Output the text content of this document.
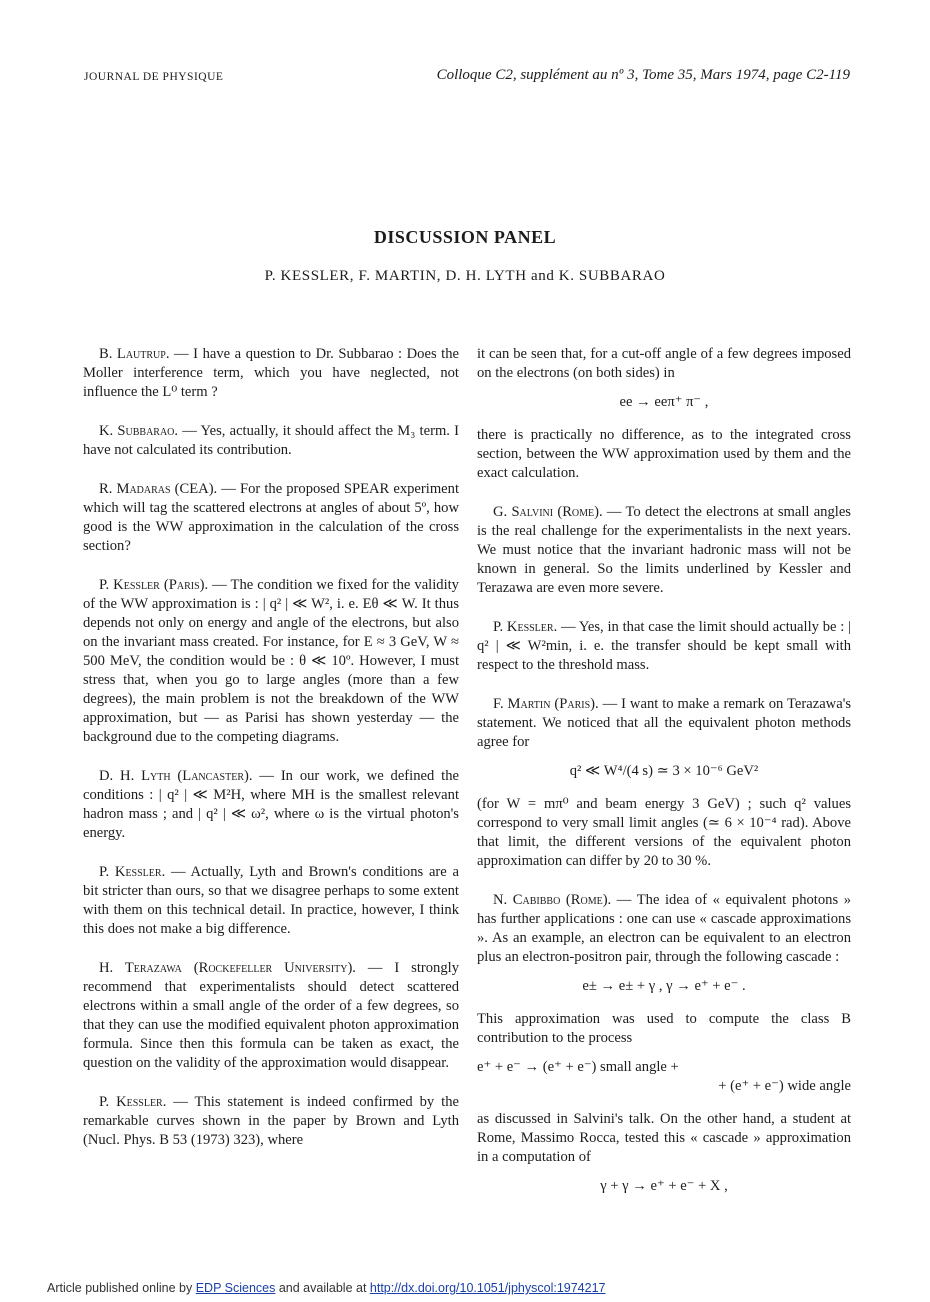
JOURNAL DE PHYSIQUE	Colloque C2, supplément au nº 3, Tome 35, Mars 1974, page C2-119
DISCUSSION PANEL
P. KESSLER, F. MARTIN, D. H. LYTH and K. SUBBARAO

B. Lautrup. — I have a question to Dr. Subbarao : Does the Moller interference term, which you have neglected, not influence the L⁰ term ?

K. Subbarao. — Yes, actually, it should affect the M₃ term. I have not calculated its contribution.

R. Madaras (CEA). — For the proposed SPEAR experiment which will tag the scattered electrons at angles of about 5º, how good is the WW approximation in the calculation of the cross section?

P. Kessler (Paris). — The condition we fixed for the validity of the WW approximation is : | q² | ≪ W², i. e. Eθ ≪ W. It thus depends not only on energy and angle of the electrons, but also on the invariant mass created. For instance, for E ≈ 3 GeV, W ≈ 500 MeV, the condition would be : θ ≪ 10º. However, I must stress that, when you go to large angles (more than a few degrees), the main problem is not the breakdown of the WW approximation, but — as Parisi has shown yesterday — the background due to the competing diagrams.

D. H. Lyth (Lancaster). — In our work, we defined the conditions : | q² | ≪ M²H, where MH is the smallest relevant hadron mass ; and | q² | ≪ ω², where ω is the virtual photon's energy.

P. Kessler. — Actually, Lyth and Brown's conditions are a bit stricter than ours, so that we disagree perhaps to some extent with them on this technical detail. In practice, however, I think this does not make a big difference.

H. Terazawa (Rockefeller University). — I strongly recommend that experimentalists should detect scattered electrons within a small angle of the order of a few degrees, so that they can use the modified equivalent photon approximation formula. Since then this formula can be taken as exact, the question on the validity of the approximation would disappear.

P. Kessler. — This statement is indeed confirmed by the remarkable curves shown in the paper by Brown and Lyth (Nucl. Phys. B 53 (1973) 323), where

it can be seen that, for a cut-off angle of a few degrees imposed on the electrons (on both sides) in

ee → eeπ⁺ π⁻ ,

there is practically no difference, as to the integrated cross section, between the WW approximation used by them and the exact calculation.

G. Salvini (Rome). — To detect the electrons at small angles is the real challenge for the experimentalists in the next years. We must notice that the invariant hadronic mass will not be known in general. So the limits underlined by Kessler and Terazawa are even more severe.

P. Kessler. — Yes, in that case the limit should actually be : | q² | ≪ W²min, i. e. the transfer should be kept small with respect to the threshold mass.

F. Martin (Paris). — I want to make a remark on Terazawa's statement. We noticed that all the equivalent photon methods agree for

q² ≪ W⁴/(4 s) ≃ 3 × 10⁻⁶ GeV²

(for W = mπ⁰ and beam energy 3 GeV) ; such q² values correspond to very small limit angles (≃ 6 × 10⁻⁴ rad). Above that limit, the different versions of the equivalent photon approximation can differ by 20 to 30 %.

N. Cabibbo (Rome). — The idea of « equivalent photons » has further applications : one can use « cascade approximations ». As an example, an electron can be equivalent to an electron plus an electron-positron pair, through the following cascade :

e± → e± + γ , γ → e⁺ + e⁻ .

This approximation was used to compute the class B contribution to the process

e⁺ + e⁻ → (e⁺ + e⁻) small angle +
+ (e⁺ + e⁻) wide angle

as discussed in Salvini's talk. On the other hand, a student at Rome, Massimo Rocca, tested this « cascade » approximation in a computation of

γ + γ → e⁺ + e⁻ + X ,

Article published online by EDP Sciences and available at http://dx.doi.org/10.1051/jphyscol:1974217
